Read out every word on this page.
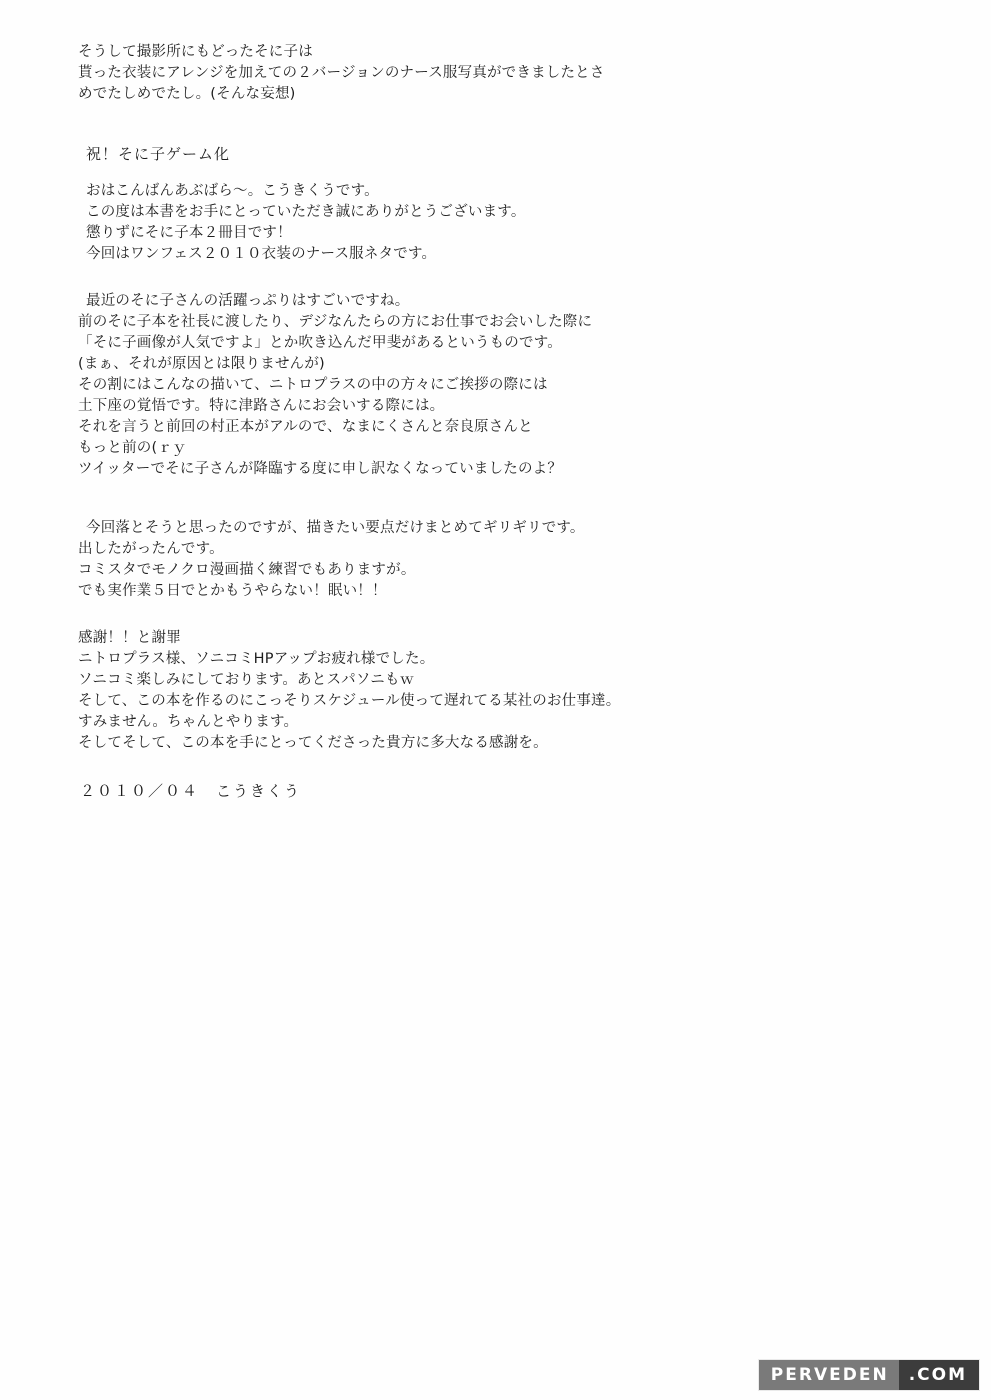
そうして撮影所にもどったそに子は
貰った衣装にアレンジを加えての２バージョンのナース服写真ができましたとさ
めでたしめでたし。(そんな妄想)
祝！そに子ゲーム化
おはこんばんあぶばら～。こうきくうです。
この度は本書をお手にとっていただき誠にありがとうございます。
懲りずにそに子本２冊目です！
今回はワンフェス２０１０衣装のナース服ネタです。
最近のそに子さんの活躍っぷりはすごいですね。
前のそに子本を社長に渡したり、デジなんたらの方にお仕事でお会いした際に
「そに子画像が人気ですよ」とか吹き込んだ甲斐があるというものです。
(まぁ、それが原因とは限りませんが)
その割にはこんなの描いて、ニトロプラスの中の方々にご挨拶の際には
土下座の覚悟です。特に津路さんにお会いする際には。
それを言うと前回の村正本がアルので、なまにくさんと奈良原さんと
もっと前の(ｒｙ
ツイッターでそに子さんが降臨する度に申し訳なくなっていましたのよ？
今回落とそうと思ったのですが、描きたい要点だけまとめてギリギリです。
出したがったんです。
コミスタでモノクロ漫画描く練習でもありますが。
でも実作業５日でとかもうやらない！眠い！！
感謝！！と謝罪
ニトロプラス様、ソニコミHPアップお疲れ様でした。
ソニコミ楽しみにしております。あとスパソニもｗ
そして、この本を作るのにこっそりスケジュール使って遅れてる某社のお仕事達。
すみません。ちゃんとやります。
そしてそして、この本を手にとってくださった貴方に多大なる感謝を。
２０１０／０４　こうきくう
PERVEDEN	.COM
